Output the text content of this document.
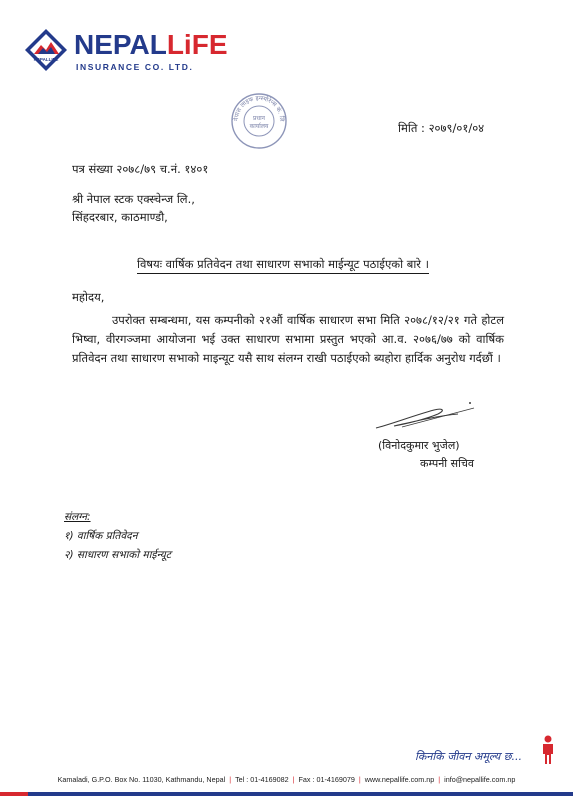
NEPALLIFE NEPALLiFE
INSURANCE CO. LTD.
नेपाल लाइफ इन्स्योरेन्स कं. लि
प्रधान
कार्यालय	मिति : २०७९/०१/०४
पत्र संख्या २०७८/७९ च.नं. १४०१
श्री नेपाल स्टक एक्स्चेन्ज लि.,
सिंहदरबार, काठमाण्डौ,
विषयः वार्षिक प्रतिवेदन तथा साधारण सभाको माईन्यूट पठाईएको बारे ।
महोदय,
उपरोक्त सम्बन्धमा, यस कम्पनीको २१औं वार्षिक साधारण सभा मिति २०७८/१२/२१ गते होटल भिष्वा, वीरगञ्जमा आयोजना भई उक्त साधारण सभामा प्रस्तुत भएको आ.व. २०७६/७७ को वार्षिक प्रतिवेदन तथा साधारण सभाको माइन्यूट यसै साथ संलग्न राखी पठाईएको ब्यहोरा हार्दिक अनुरोध गर्दछौं ।
(विनोदकुमार भुजेल)
कम्पनी सचिव
संलग्न:
१) वार्षिक प्रतिवेदन
२) साधारण सभाको माईन्यूट
किनकि जीवन अमूल्य छ...
Kamaladi, G.P.O. Box No. 11030, Kathmandu, Nepal | Tel : 01-4169082 | Fax : 01-4169079 | www.nepallife.com.np | info@nepallife.com.np
